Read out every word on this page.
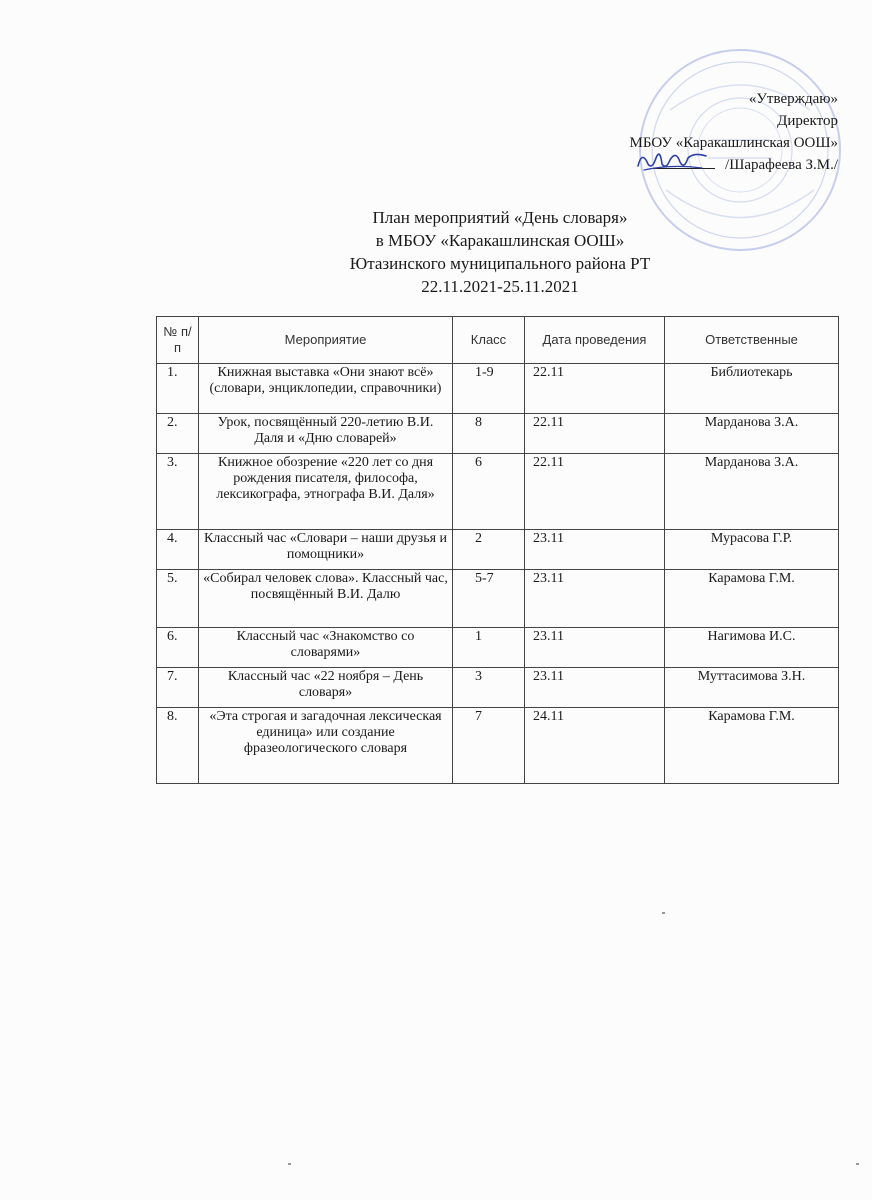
«Утверждаю»
Директор
МБОУ «Каракашлинская ООШ»
/Шарафеева З.М./
План мероприятий «День словаря»
в МБОУ «Каракашлинская ООШ»
Ютазинского муниципального района РТ
22.11.2021-25.11.2021
№ п/п	Мероприятие	Класс	Дата проведения	Ответственные
1.	Книжная выставка «Они знают всё» (словари, энциклопедии, справочники)	1-9	22.11	Библиотекарь
2.	Урок, посвящённый 220-летию В.И. Даля и «Дню словарей»	8	22.11	Марданова З.А.
3.	Книжное обозрение «220 лет со дня рождения писателя, философа, лексикографа, этнографа В.И. Даля»	6	22.11	Марданова З.А.
4.	Классный час «Словари – наши друзья и помощники»	2	23.11	Мурасова Г.Р.
5.	«Собирал человек слова». Классный час, посвящённый В.И. Далю	5-7	23.11	Карамова Г.М.
6.	Классный час «Знакомство со словарями»	1	23.11	Нагимова И.С.
7.	Классный час «22 ноября – День словаря»	3	23.11	Муттасимова З.Н.
8.	«Эта строгая и загадочная лексическая единица» или создание фразеологического словаря	7	24.11	Карамова Г.М.
